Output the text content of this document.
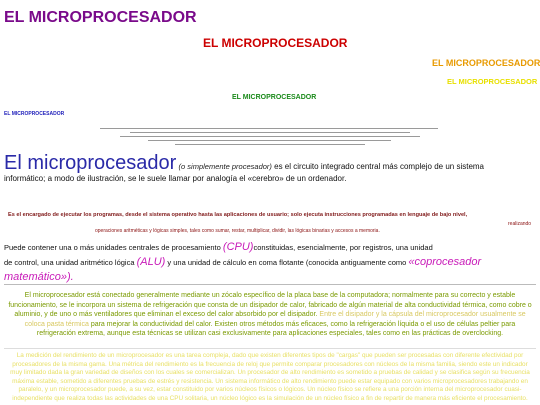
EL MICROPROCESADOR
EL MICROPROCESADOR
EL MICROPROCESADOR
EL MICROPROCESADOR
EL MICROPROCESADOR
EL MICROPROCESADOR
El microprocesador (o simplemente procesador) es el circuito integrado central más complejo de un sistema informático; a modo de ilustración, se le suele llamar por analogía el «cerebro» de un ordenador.
Es el encargado de ejecutar los programas, desde el sistema operativo hasta las aplicaciones de usuario; solo ejecuta instrucciones programadas en lenguaje de bajo nivel,
realizando
operaciones aritméticas y lógicas simples, tales como sumar, restar, multiplicar, dividir, las lógicas binarias y accesos a memoria.
Puede contener una o más unidades centrales de procesamiento (CPU)constituidas, esencialmente, por registros, una unidad
de control, una unidad aritmético lógica (ALU) y una unidad de cálculo en coma flotante (conocida antiguamente como «coprocesador
matemático»).
El microprocesador está conectado generalmente mediante un zócalo específico de la placa base de la computadora; normalmente para su correcto y estable funcionamiento, se le incorpora un sistema de refrigeración que consta de un disipador de calor, fabricado de algún material de alta conductividad térmica, como cobre o aluminio, y de uno o más ventiladores que eliminan el exceso del calor absorbido por el disipador. Entre el disipador y la cápsula del microprocesador usualmente se coloca pasta térmica para mejorar la conductividad del calor. Existen otros métodos más eficaces, como la refrigeración líquida o el uso de células peltier para refrigeración extrema, aunque esta técnicas se utilizan casi exclusivamente para aplicaciones especiales, tales como en las prácticas de overclocking.
La medición del rendimiento de un microprocesador es una tarea compleja, dado que existen diferentes tipos de "cargas" que pueden ser procesadas con diferente efectividad por procesadores de la misma gama. Una métrica del rendimiento es la frecuencia de reloj que permite comparar procesadores con núcleos de la misma familia, siendo este un indicador muy limitado dada la gran variedad de diseños con los cuales se comercializan. Un procesador de alto rendimiento es sometido a pruebas de calidad y se clasifica según su frecuencia máxima estable, sometido a diferentes pruebas de estrés y resistencia. Un sistema informático de alto rendimiento puede estar equipado con varios microprocesadores trabajando en paralelo, y un microprocesador puede, a su vez, estar constituido por varios núcleos físicos o lógicos. Un núcleo físico se refiere a una porción interna del microprocesador cuasi-independiente que realiza todas las actividades de una CPU solitaria, un núcleo lógico es la simulación de un núcleo físico a fin de repartir de manera más eficiente el procesamiento.
